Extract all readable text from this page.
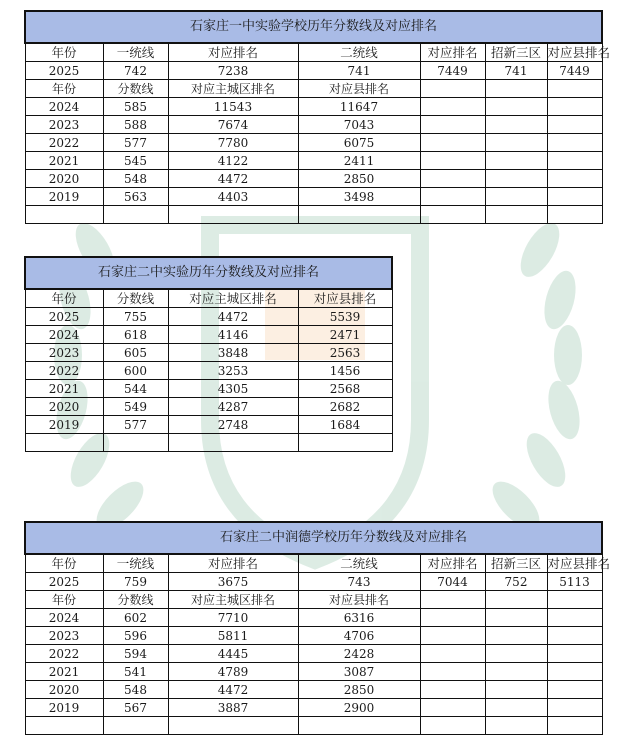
石家庄一中实验学校历年分数线及对应排名						
年份	一统线	对应排名	二统线	对应排名	招新三区	对应县排名
2025	742	7238	741	7449	741	7449
年份	分数线	对应主城区排名	对应县排名			
2024	585	11543	11647			
2023	588	7674	7043			
2022	577	7780	6075			
2021	545	4122	2411			
2020	548	4472	2850			
2019	563	4403	3498			

石家庄二中实验历年分数线及对应排名			
年份	分数线	对应主城区排名	对应县排名
2025	755	4472	5539
2024	618	4146	2471
2023	605	3848	2563
2022	600	3253	1456
2021	544	4305	2568
2020	549	4287	2682
2019	577	2748	1684

石家庄二中润德学校历年分数线及对应排名						
年份	一统线	对应排名	二统线	对应排名	招新三区	对应县排名
2025	759	3675	743	7044	752	5113
年份	分数线	对应主城区排名	对应县排名			
2024	602	7710	6316			
2023	596	5811	4706			
2022	594	4445	2428			
2021	541	4789	3087			
2020	548	4472	2850			
2019	567	3887	2900			
